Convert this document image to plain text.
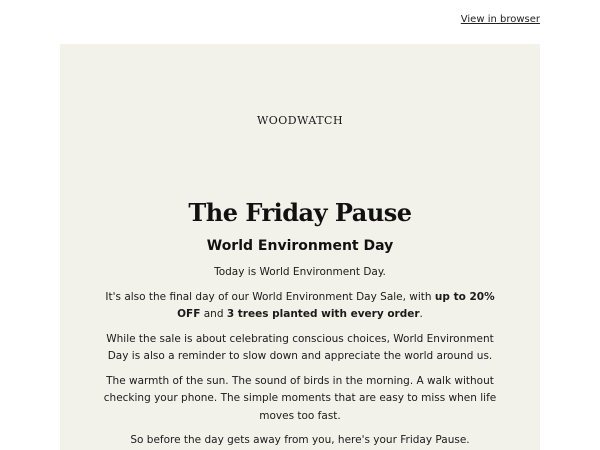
View in browser
WOODWATCH
The Friday Pause
World Environment Day

Today is World Environment Day.

It's also the final day of our World Environment Day Sale, with up to 20% OFF and 3 trees planted with every order.

While the sale is about celebrating conscious choices, World Environment Day is also a reminder to slow down and appreciate the world around us.

The warmth of the sun. The sound of birds in the morning. A walk without checking your phone. The simple moments that are easy to miss when life moves too fast.

So before the day gets away from you, here's your Friday Pause.
